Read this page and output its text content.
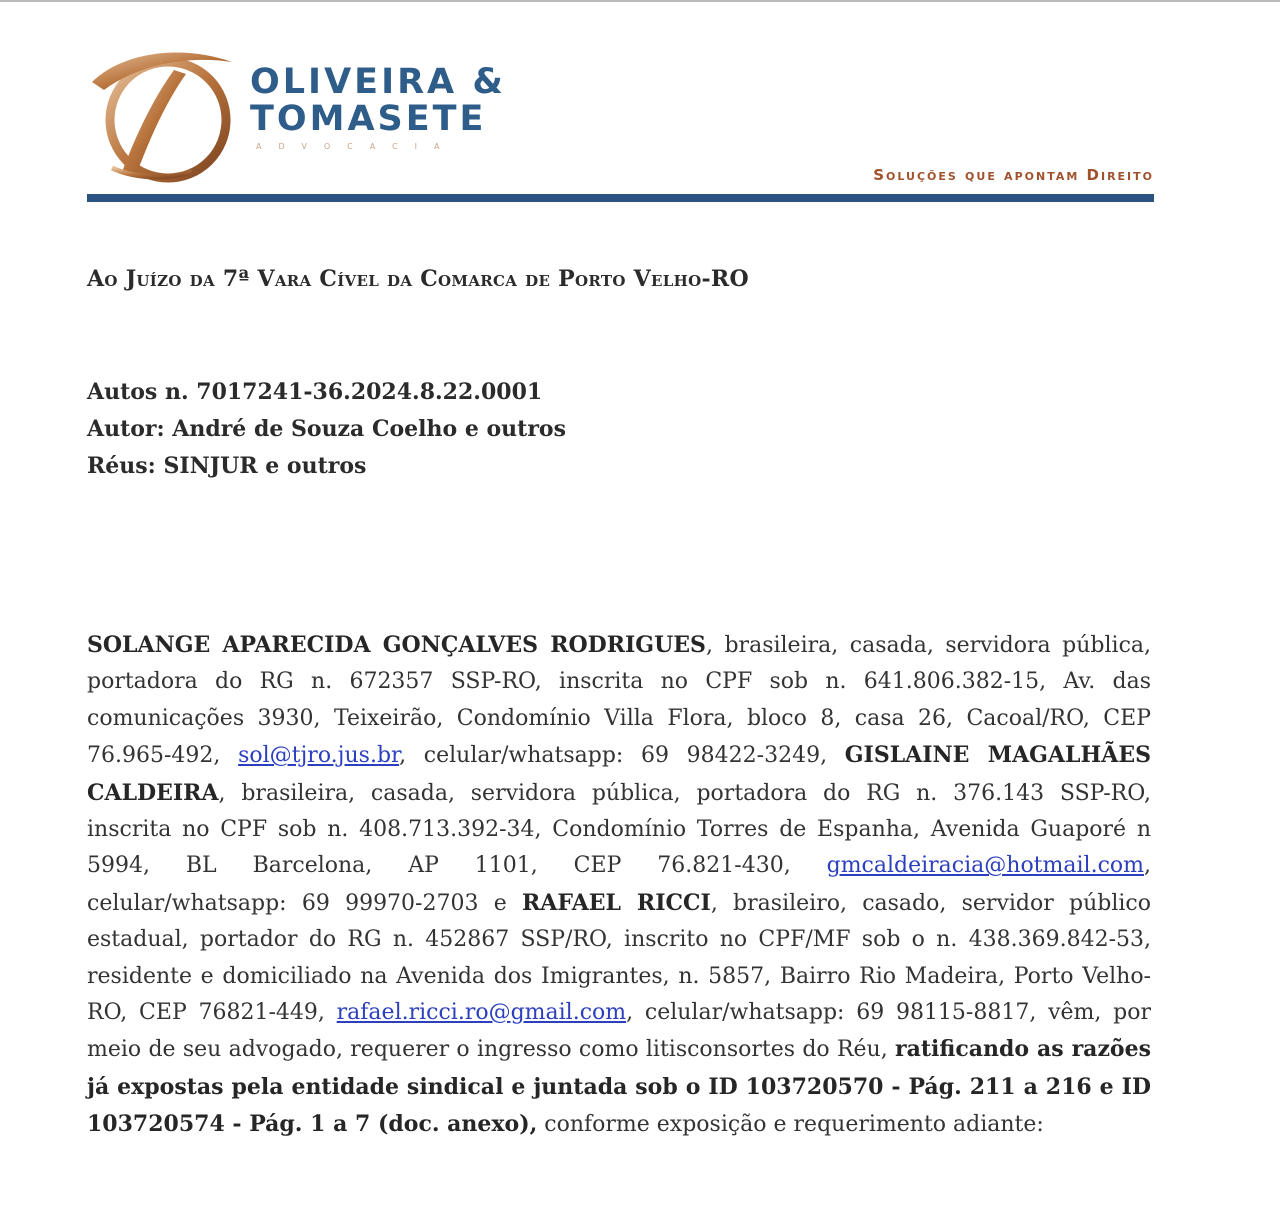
OLIVEIRA &
TOMASETE
ADVOCACIA
Soluções que apontam Direito
Ao Juízo da 7ª Vara Cível da Comarca de Porto Velho-RO
Autos n. 7017241-36.2024.8.22.0001
Autor: André de Souza Coelho e outros
Réus: SINJUR e outros
SOLANGE APARECIDA GONÇALVES RODRIGUES, brasileira, casada, servidora pública, portadora do RG n. 672357 SSP-RO, inscrita no CPF sob n. 641.806.382-15, Av. das comunicações 3930, Teixeirão, Condomínio Villa Flora, bloco 8, casa 26, Cacoal/RO, CEP 76.965-492, sol@tjro.jus.br, celular/whatsapp: 69 98422-3249, GISLAINE MAGALHÃES CALDEIRA, brasileira, casada, servidora pública, portadora do RG n. 376.143 SSP-RO, inscrita no CPF sob n. 408.713.392-34, Condomínio Torres de Espanha, Avenida Guaporé n 5994, BL Barcelona, AP 1101, CEP 76.821-430, gmcaldeiracia@hotmail.com, celular/whatsapp: 69 99970-2703 e RAFAEL RICCI, brasileiro, casado, servidor público estadual, portador do RG n. 452867 SSP/RO, inscrito no CPF/MF sob o n. 438.369.842-53, residente e domiciliado na Avenida dos Imigrantes, n. 5857, Bairro Rio Madeira, Porto Velho-RO, CEP 76821-449, rafael.ricci.ro@gmail.com, celular/whatsapp: 69 98115-8817, vêm, por meio de seu advogado, requerer o ingresso como litisconsortes do Réu, ratificando as razões já expostas pela entidade sindical e juntada sob o ID 103720570 - Pág. 211 a 216 e ID 103720574 - Pág. 1 a 7 (doc. anexo), conforme exposição e requerimento adiante:
